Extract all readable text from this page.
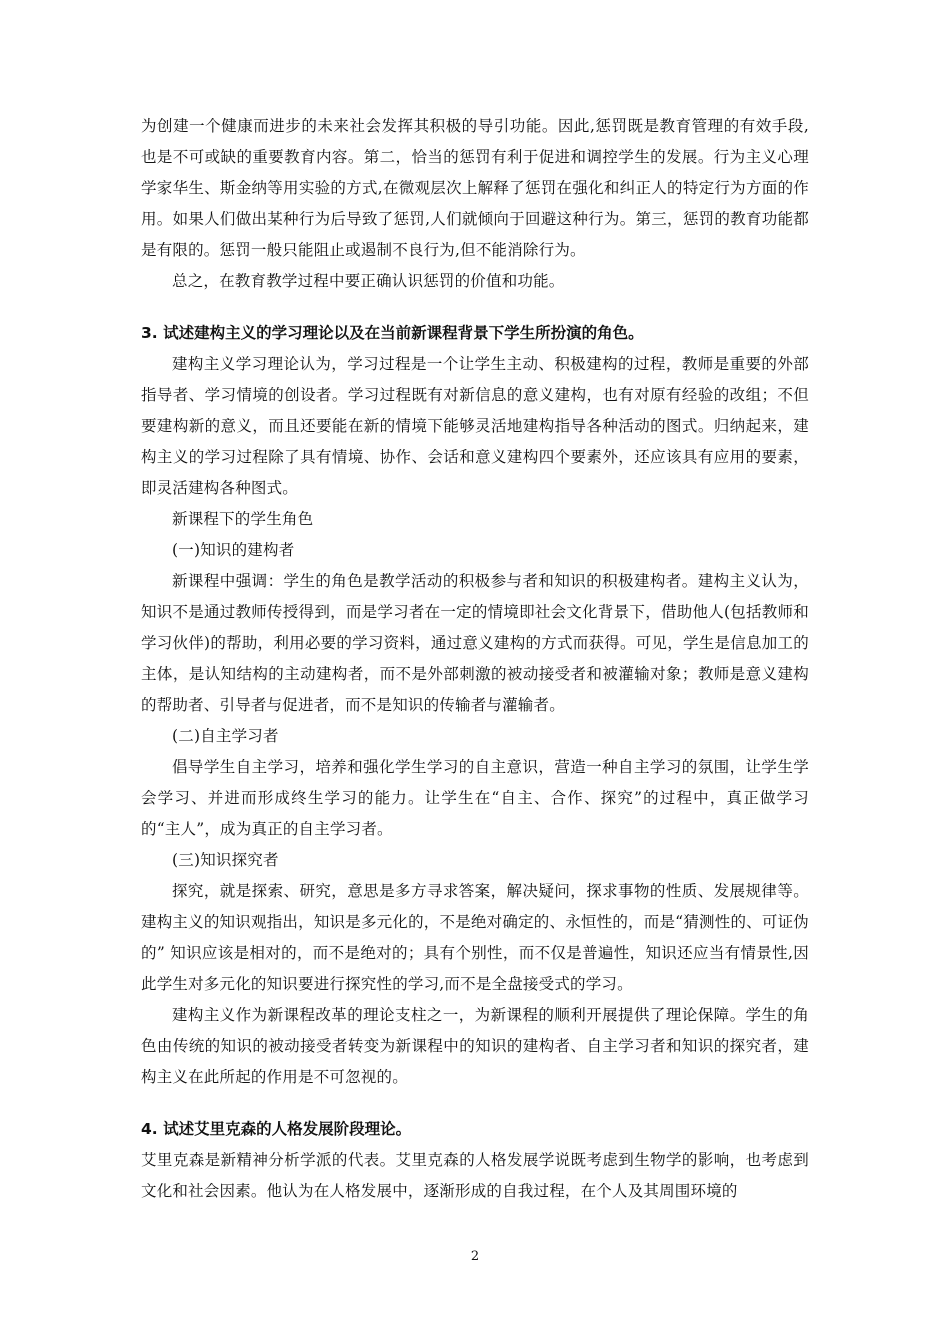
为创建一个健康而进步的未来社会发挥其积极的导引功能。因此,惩罚既是教育管理的有效手段,也是不可或缺的重要教育内容。第二，恰当的惩罚有利于促进和调控学生的发展。行为主义心理学家华生、斯金纳等用实验的方式,在微观层次上解释了惩罚在强化和纠正人的特定行为方面的作用。如果人们做出某种行为后导致了惩罚,人们就倾向于回避这种行为。第三，惩罚的教育功能都是有限的。惩罚一般只能阻止或遏制不良行为,但不能消除行为。

总之，在教育教学过程中要正确认识惩罚的价值和功能。

3. 试述建构主义的学习理论以及在当前新课程背景下学生所扮演的角色。

建构主义学习理论认为，学习过程是一个让学生主动、积极建构的过程，教师是重要的外部指导者、学习情境的创设者。学习过程既有对新信息的意义建构，也有对原有经验的改组；不但要建构新的意义，而且还要能在新的情境下能够灵活地建构指导各种活动的图式。归纳起来，建构主义的学习过程除了具有情境、协作、会话和意义建构四个要素外，还应该具有应用的要素，即灵活建构各种图式。

新课程下的学生角色

(一)知识的建构者

新课程中强调：学生的角色是教学活动的积极参与者和知识的积极建构者。建构主义认为，知识不是通过教师传授得到，而是学习者在一定的情境即社会文化背景下，借助他人(包括教师和学习伙伴)的帮助，利用必要的学习资料，通过意义建构的方式而获得。可见，学生是信息加工的主体，是认知结构的主动建构者，而不是外部刺激的被动接受者和被灌输对象；教师是意义建构的帮助者、引导者与促进者，而不是知识的传输者与灌输者。

(二)自主学习者

倡导学生自主学习，培养和强化学生学习的自主意识，营造一种自主学习的氛围，让学生学会学习、并进而形成终生学习的能力。让学生在“自主、合作、探究”的过程中，真正做学习的“主人”，成为真正的自主学习者。

(三)知识探究者

探究，就是探索、研究，意思是多方寻求答案，解决疑问，探求事物的性质、发展规律等。建构主义的知识观指出，知识是多元化的，不是绝对确定的、永恒性的，而是“猜测性的、可证伪的” 知识应该是相对的，而不是绝对的；具有个别性，而不仅是普遍性，知识还应当有情景性,因此学生对多元化的知识要进行探究性的学习,而不是全盘接受式的学习。

建构主义作为新课程改革的理论支柱之一，为新课程的顺利开展提供了理论保障。学生的角色由传统的知识的被动接受者转变为新课程中的知识的建构者、自主学习者和知识的探究者，建构主义在此所起的作用是不可忽视的。

4. 试述艾里克森的人格发展阶段理论。

艾里克森是新精神分析学派的代表。艾里克森的人格发展学说既考虑到生物学的影响，也考虑到文化和社会因素。他认为在人格发展中，逐渐形成的自我过程，在个人及其周围环境的

2
